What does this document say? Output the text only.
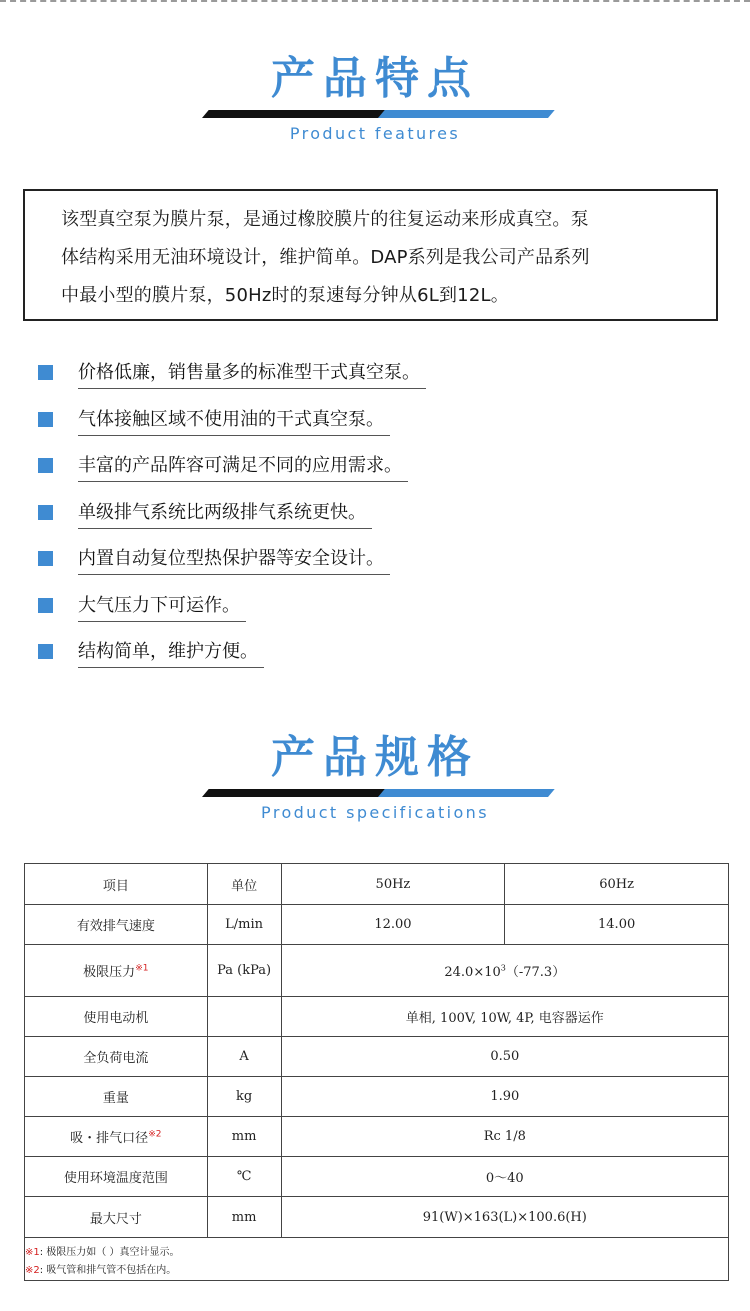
产品特点
Product features

该型真空泵为膜片泵，是通过橡胶膜片的往复运动来形成真空。泵

体结构采用无油环境设计，维护简单。DAP系列是我公司产品系列

中最小型的膜片泵，50Hz时的泵速每分钟从6L到12L。

价格低廉，销售量多的标准型干式真空泵。
气体接触区域不使用油的干式真空泵。
丰富的产品阵容可满足不同的应用需求。
单级排气系统比两级排气系统更快。
内置自动复位型热保护器等安全设计。
大气压力下可运作。
结构简单，维护方便。
产品规格
Product specifications
项目	单位	50Hz	60Hz
有效排气速度	L/min	12.00	14.00
极限压力$^{※1}$	Pa (kPa)	$24.0\times 10^3(-77.3)$	
使用电动机		单相, 100V, 10W, 4P, 电容器运作	
全负荷电流	A	0.50	
重量	kg	1.90	
吸・排气口径$^{※2}$	mm	Rc 1/8	
使用环境温度范围	℃	0～40	
最大尺寸	mm	91(W)×163(L)×100.6(H)	

※1: 极限压力如（ ）真空计显示。
※2: 吸气管和排气管不包括在内。			
